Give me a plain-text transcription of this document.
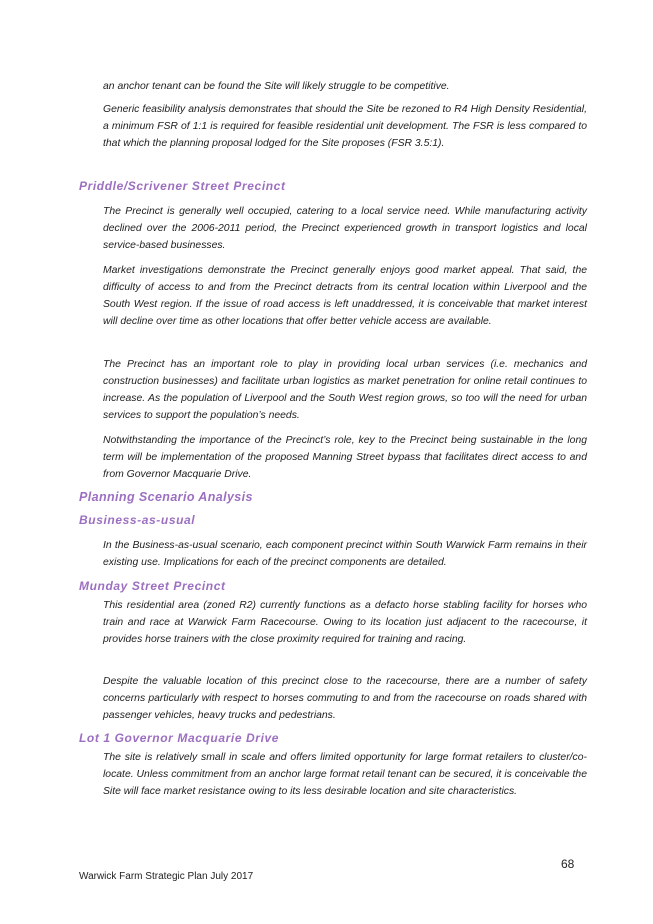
an anchor tenant can be found the Site will likely struggle to be competitive.

Generic feasibility analysis demonstrates that should the Site be rezoned to R4 High Density Residential, a minimum FSR of 1:1 is required for feasible residential unit development. The FSR is less compared to that which the planning proposal lodged for the Site proposes (FSR 3.5:1).

Priddle/Scrivener Street Precinct

The Precinct is generally well occupied, catering to a local service need. While manufacturing activity declined over the 2006-2011 period, the Precinct experienced growth in transport logistics and local service-based businesses.

Market investigations demonstrate the Precinct generally enjoys good market appeal. That said, the difficulty of access to and from the Precinct detracts from its central location within Liverpool and the South West region. If the issue of road access is left unaddressed, it is conceivable that market interest will decline over time as other locations that offer better vehicle access are available.

The Precinct has an important role to play in providing local urban services (i.e. mechanics and construction businesses) and facilitate urban logistics as market penetration for online retail continues to increase. As the population of Liverpool and the South West region grows, so too will the need for urban services to support the population’s needs.

Notwithstanding the importance of the Precinct’s role, key to the Precinct being sustainable in the long term will be implementation of the proposed Manning Street bypass that facilitates direct access to and from Governor Macquarie Drive.

Planning Scenario Analysis
Business-as-usual

In the Business-as-usual scenario, each component precinct within South Warwick Farm remains in their existing use. Implications for each of the precinct components are detailed.

Munday Street Precinct

This residential area (zoned R2) currently functions as a defacto horse stabling facility for horses who train and race at Warwick Farm Racecourse. Owing to its location just adjacent to the racecourse, it provides horse trainers with the close proximity required for training and racing.

Despite the valuable location of this precinct close to the racecourse, there are a number of safety concerns particularly with respect to horses commuting to and from the racecourse on roads shared with passenger vehicles, heavy trucks and pedestrians.

Lot 1 Governor Macquarie Drive

The site is relatively small in scale and offers limited opportunity for large format retailers to cluster/co-locate. Unless commitment from an anchor large format retail tenant can be secured, it is conceivable the Site will face market resistance owing to its less desirable location and site characteristics.

68
Warwick Farm Strategic Plan July 2017
